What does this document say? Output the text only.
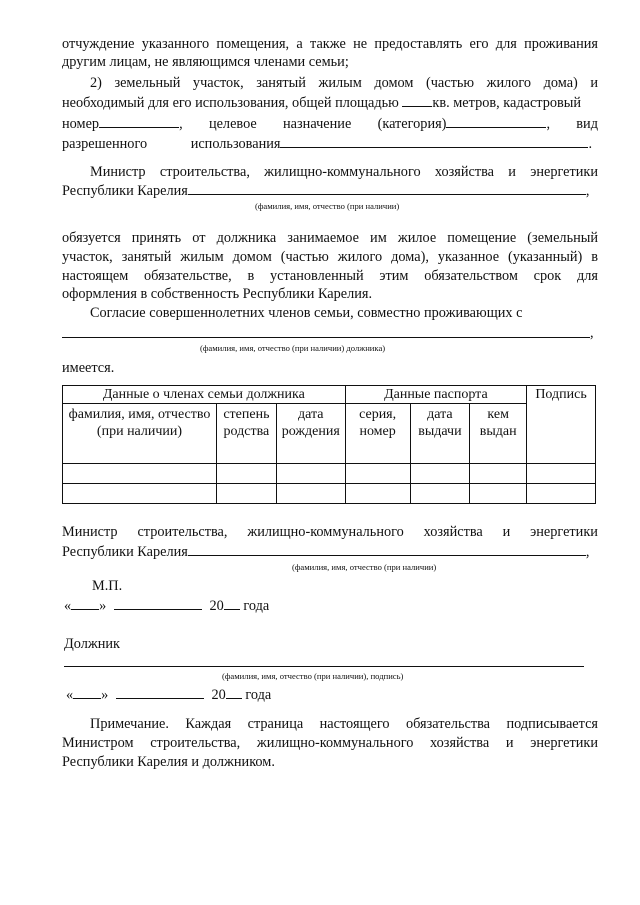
отчуждение указанного помещения, а также не предоставлять его для проживания
другим лицам, не являющимся членами семьи;
2) земельный участок, занятый жилым домом (частью жилого дома) и
необходимый для его использования, общей площадью кв. метров, кадастровый
номер	, целевое назначение (категория)	, вид
разрешенного	использования	.
Министр строительства, жилищно-коммунального хозяйства и энергетики
Республики Карелия	,
(фамилия, имя, отчество (при наличии)
обязуется принять от должника занимаемое им жилое помещение (земельный
участок, занятый жилым домом (частью жилого дома), указанное (указанный) в
настоящем обязательстве, в установленный этим обязательством срок для
оформления в собственность Республики Карелия.
Согласие совершеннолетних членов семьи, совместно проживающих с
,
(фамилия, имя, отчество (при наличии) должника)
имеется.
Данные о членах семьи должника			Данные паспорта			Подпись
фамилия, имя, отчество (при наличии)	степень родства	дата рождения	серия, номер	дата выдачи	кем выдан	

Министр строительства, жилищно-коммунального хозяйства и энергетики
Республики Карелия	,
(фамилия, имя, отчество (при наличии)
М.П.
« »	20 года
Должник
(фамилия, имя, отчество (при наличии), подпись)
« »	20 года
Примечание. Каждая страница настоящего обязательства подписывается
Министром строительства, жилищно-коммунального хозяйства и энергетики
Республики Карелия и должником.
